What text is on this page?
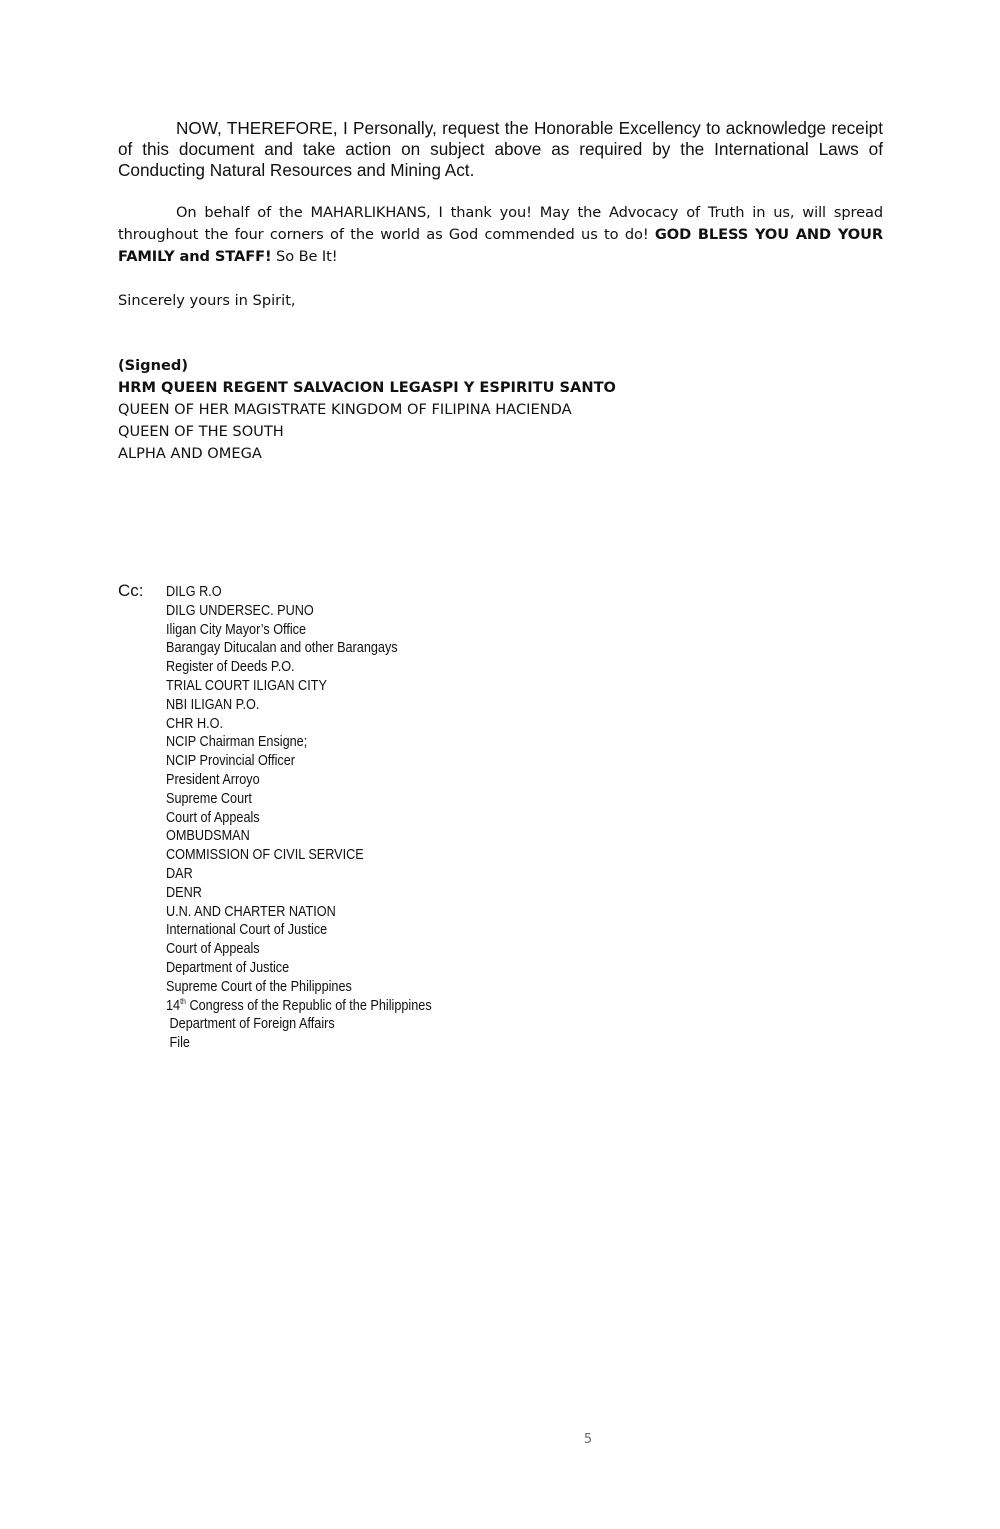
NOW, THEREFORE, I Personally, request the Honorable Excellency to acknowledge receipt of this document and take action on subject above as required by the International Laws of Conducting Natural Resources and Mining Act.

On behalf of the MAHARLIKHANS, I thank you! May the Advocacy of Truth in us, will spread throughout the four corners of the world as God commended us to do! GOD BLESS YOU AND YOUR FAMILY and STAFF! So Be It!

Sincerely yours in Spirit,

(Signed)
HRM QUEEN REGENT SALVACION LEGASPI Y ESPIRITU SANTO
QUEEN OF HER MAGISTRATE KINGDOM OF FILIPINA HACIENDA
QUEEN OF THE SOUTH
ALPHA AND OMEGA
Cc: DILG R.O
DILG UNDERSEC. PUNO
Iligan City Mayor’s Office
Barangay Ditucalan and other Barangays
Register of Deeds P.O.
TRIAL COURT ILIGAN CITY
NBI ILIGAN P.O.
CHR H.O.
NCIP Chairman Ensigne;
NCIP Provincial Officer
President Arroyo
Supreme Court
Court of Appeals
OMBUDSMAN
COMMISSION OF CIVIL SERVICE
DAR
DENR
U.N. AND CHARTER NATION
International Court of Justice
Court of Appeals
Department of Justice
Supreme Court of the Philippines
14th Congress of the Republic of the Philippines
Department of Foreign Affairs
File
5
